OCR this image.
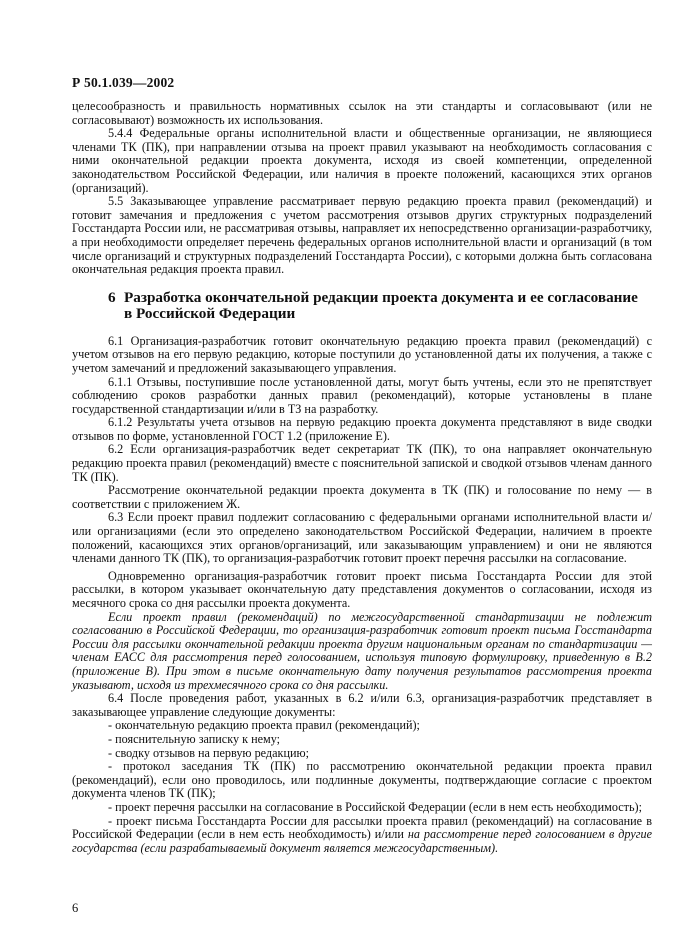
Р 50.1.039—2002

целесообразность и правильность нормативных ссылок на эти стандарты и согласовывают (или не согласовывают) возможность их использования.

5.4.4 Федеральные органы исполнительной власти и общественные организации, не являющиеся членами ТК (ПК), при направлении отзыва на проект правил указывают на необходимость согласования с ними окончательной редакции проекта документа, исходя из своей компетенции, определенной законодательством Российской Федерации, или наличия в проекте положений, касающихся этих органов (организаций).

5.5 Заказывающее управление рассматривает первую редакцию проекта правил (рекомендаций) и готовит замечания и предложения с учетом рассмотрения отзывов других структурных подразделений Госстандарта России или, не рассматривая отзывы, направляет их непосредственно организации-разработчику, а при необходимости определяет перечень федеральных органов исполнительной власти и организаций (в том числе организаций и структурных подразделений Госстандарта России), с которыми должна быть согласована окончательная редакция проекта правил.

6 Разработка окончательной редакции проекта документа и ее согласование
в Российской Федерации

6.1 Организация-разработчик готовит окончательную редакцию проекта правил (рекомендаций) с учетом отзывов на его первую редакцию, которые поступили до установленной даты их получения, а также с учетом замечаний и предложений заказывающего управления.

6.1.1 Отзывы, поступившие после установленной даты, могут быть учтены, если это не препятствует соблюдению сроков разработки данных правил (рекомендаций), которые установлены в плане государственной стандартизации и/или в ТЗ на разработку.

6.1.2 Результаты учета отзывов на первую редакцию проекта документа представляют в виде сводки отзывов по форме, установленной ГОСТ 1.2 (приложение Е).

6.2 Если организация-разработчик ведет секретариат ТК (ПК), то она направляет окончательную редакцию проекта правил (рекомендаций) вместе с пояснительной запиской и сводкой отзывов членам данного ТК (ПК).

Рассмотрение окончательной редакции проекта документа в ТК (ПК) и голосование по нему — в соответствии с приложением Ж.

6.3 Если проект правил подлежит согласованию с федеральными органами исполнительной власти и/или организациями (если это определено законодательством Российской Федерации, наличием в проекте положений, касающихся этих органов/организаций, или заказывающим управлением) и они не являются членами данного ТК (ПК), то организация-разработчик готовит проект перечня рассылки на согласование.

Одновременно организация-разработчик готовит проект письма Госстандарта России для этой рассылки, в котором указывает окончательную дату представления документов о согласовании, исходя из месячного срока со дня рассылки проекта документа.

Если проект правил (рекомендаций) по межгосударственной стандартизации не подлежит согласованию в Российской Федерации, то организация-разработчик готовит проект письма Госстандарта России для рассылки окончательной редакции проекта другим национальным органам по стандартизации — членам ЕАСС для рассмотрения перед голосованием, используя типовую формулировку, приведенную в В.2 (приложение В). При этом в письме окончательную дату получения результатов рассмотрения проекта указывают, исходя из трехмесячного срока со дня рассылки.

6.4 После проведения работ, указанных в 6.2 и/или 6.3, организация-разработчик представляет в заказывающее управление следующие документы:

- окончательную редакцию проекта правил (рекомендаций);

- пояснительную записку к нему;

- сводку отзывов на первую редакцию;

- протокол заседания ТК (ПК) по рассмотрению окончательной редакции проекта правил (рекомендаций), если оно проводилось, или подлинные документы, подтверждающие согласие с проектом документа членов ТК (ПК);

- проект перечня рассылки на согласование в Российской Федерации (если в нем есть необходимость);

- проект письма Госстандарта России для рассылки проекта правил (рекомендаций) на согласование в Российской Федерации (если в нем есть необходимость) и/или на рассмотрение перед голосованием в другие государства (если разрабатываемый документ является межгосударственным).

6
